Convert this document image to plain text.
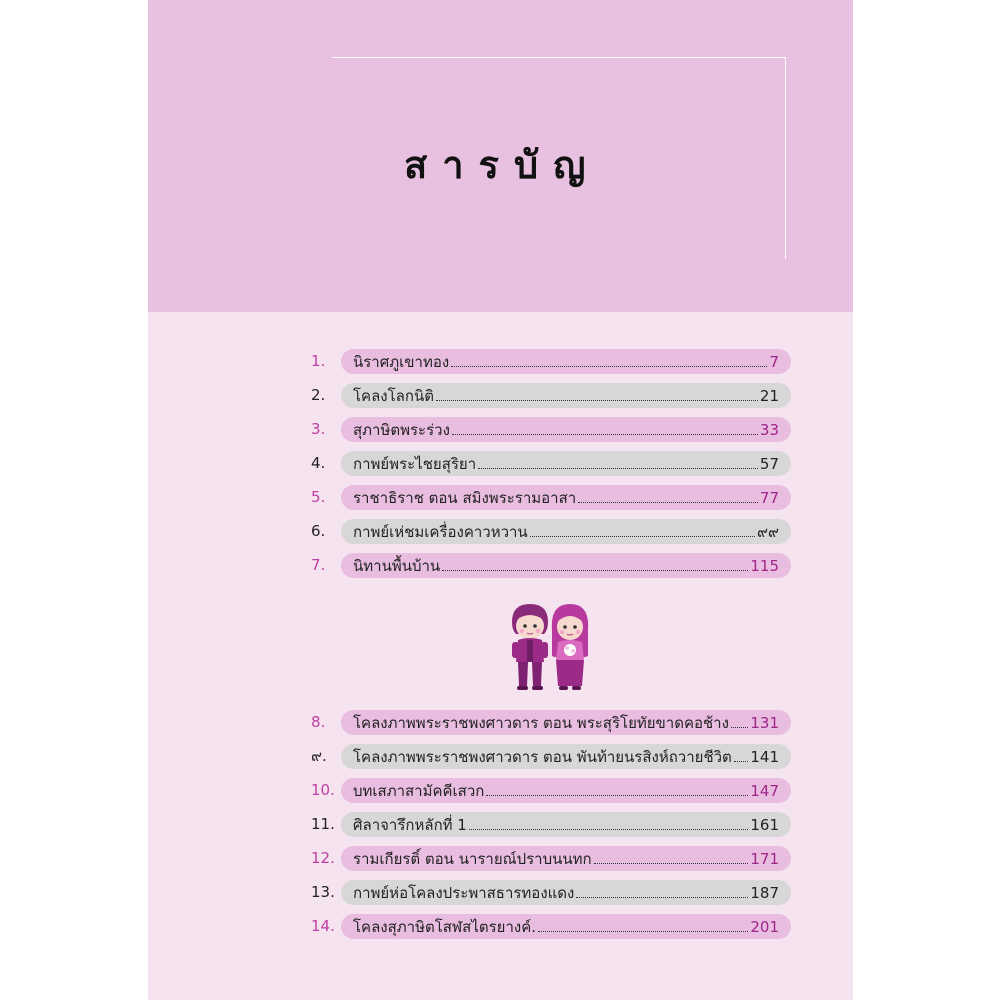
สารบัญ
1.	นิราศภูเขาทอง	7
2.	โคลงโลกนิติ	21
3.	สุภาษิตพระร่วง	33
4.	กาพย์พระไชยสุริยา	57
5.	ราชาธิราช ตอน สมิงพระรามอาสา	77
6.	กาพย์เห่ชมเครื่องคาวหวาน	๙๙
7.	นิทานพื้นบ้าน	115
8.	โคลงภาพพระราชพงศาวดาร ตอน พระสุริโยทัยขาดคอช้าง 131
๙.	โคลงภาพพระราชพงศาวดาร ตอน พันท้ายนรสิงห์ถวายชีวิต 141
10.	บทเสภาสามัคคีเสวก	147
11.	ศิลาจารึกหลักที่ 1	161
12.	รามเกียรติ์ ตอน นารายณ์ปราบนนทก	171
13.	กาพย์ห่อโคลงประพาสธารทองแดง	187
14.	โคลงสุภาษิตโสฬสไตรยางค์.	201
